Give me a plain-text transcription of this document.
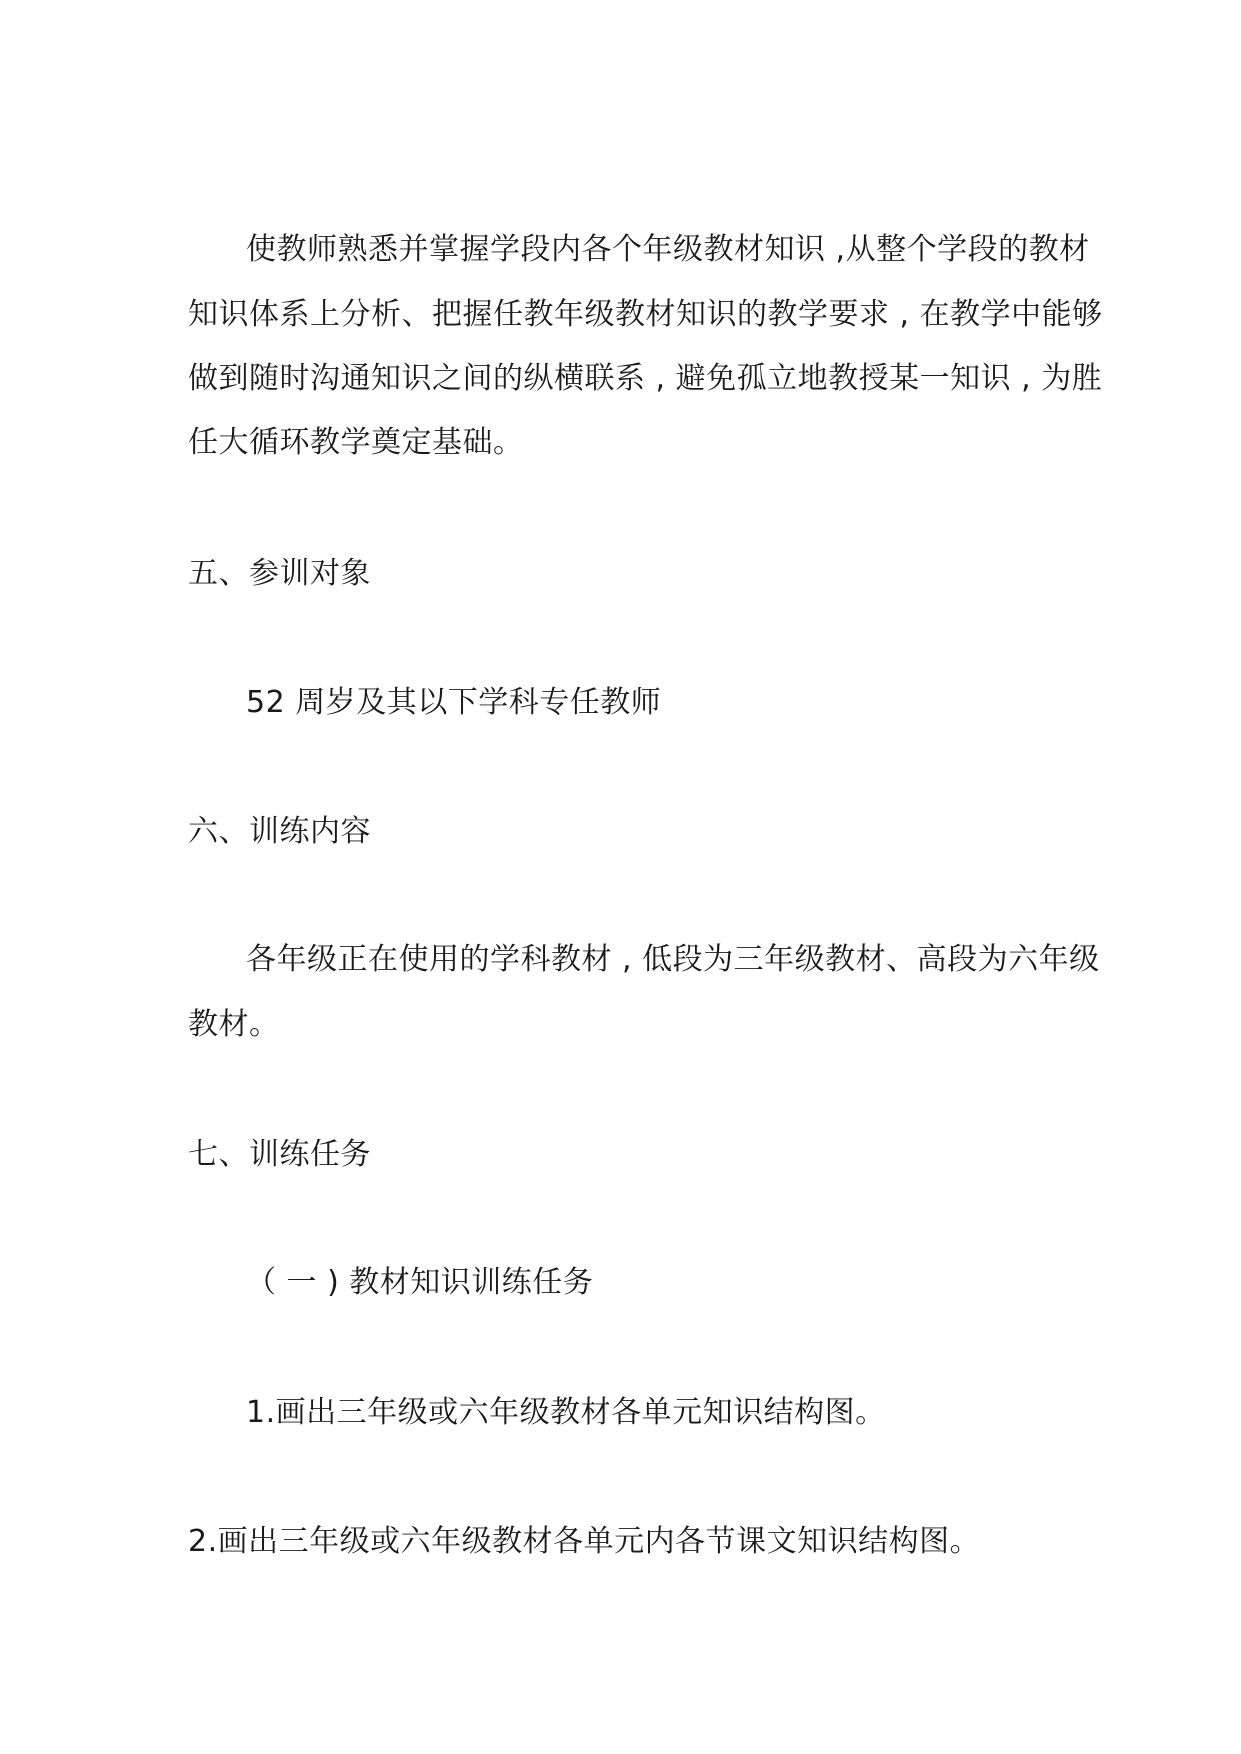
使教师熟悉并掌握学段内各个年级教材知识 ,从整个学段的教材
知识体系上分析、把握任教年级教材知识的教学要求 , 在教学中能够
做到随时沟通知识之间的纵横联系 , 避免孤立地教授某一知识 , 为胜
任大循环教学奠定基础。
五、参训对象
52 周岁及其以下学科专任教师
六、训练内容
各年级正在使用的学科教材 , 低段为三年级教材、高段为六年级
教材。
七、训练任务
（ 一 ) 教材知识训练任务
1.画出三年级或六年级教材各单元知识结构图。
2.画出三年级或六年级教材各单元内各节课文知识结构图。
